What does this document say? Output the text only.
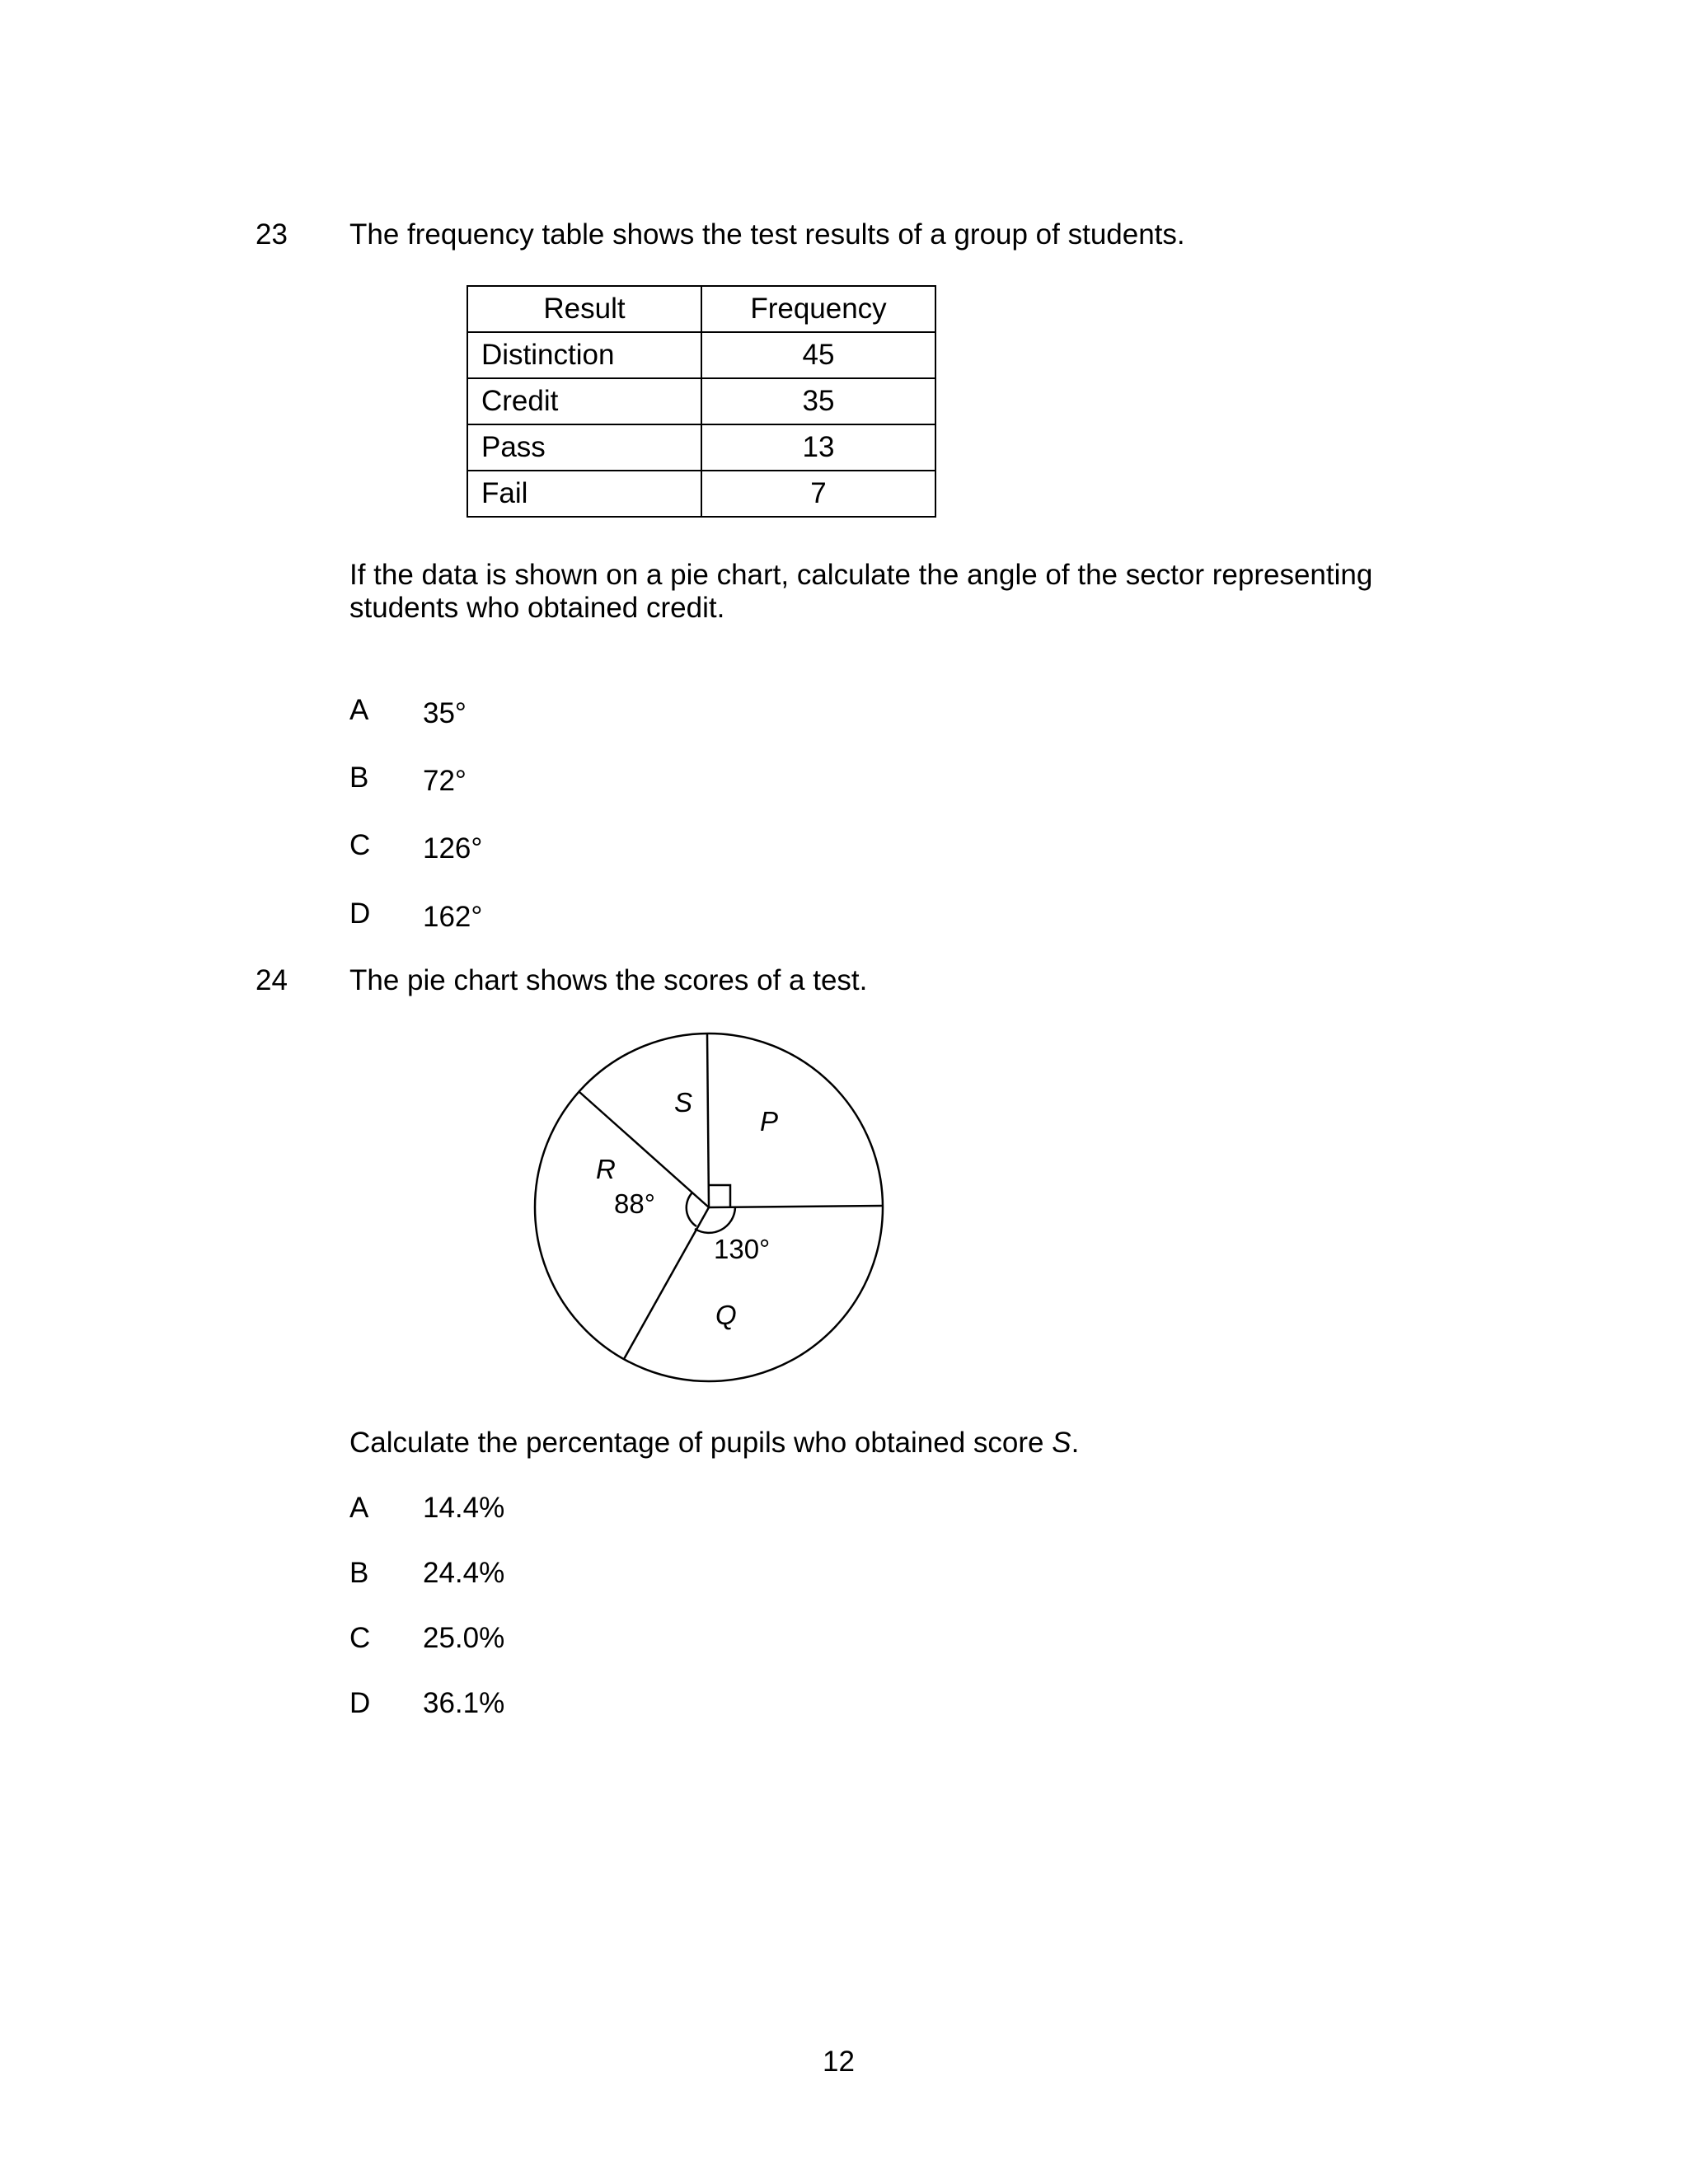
23 The frequency table shows the test results of a group of students.
Result	Frequency
Distinction	45
Credit	35
Pass	13
Fail	7
If the data is shown on a pie chart, calculate the angle of the sector representing
students who obtained credit.
A 35°
B 72°
C 126°
D 162°
24 The pie chart shows the scores of a test.
S
P
R
88°
130°
Q
Calculate the percentage of pupils who obtained score S.
A 14.4%
B 24.4%
C 25.0%
D 36.1%
12
